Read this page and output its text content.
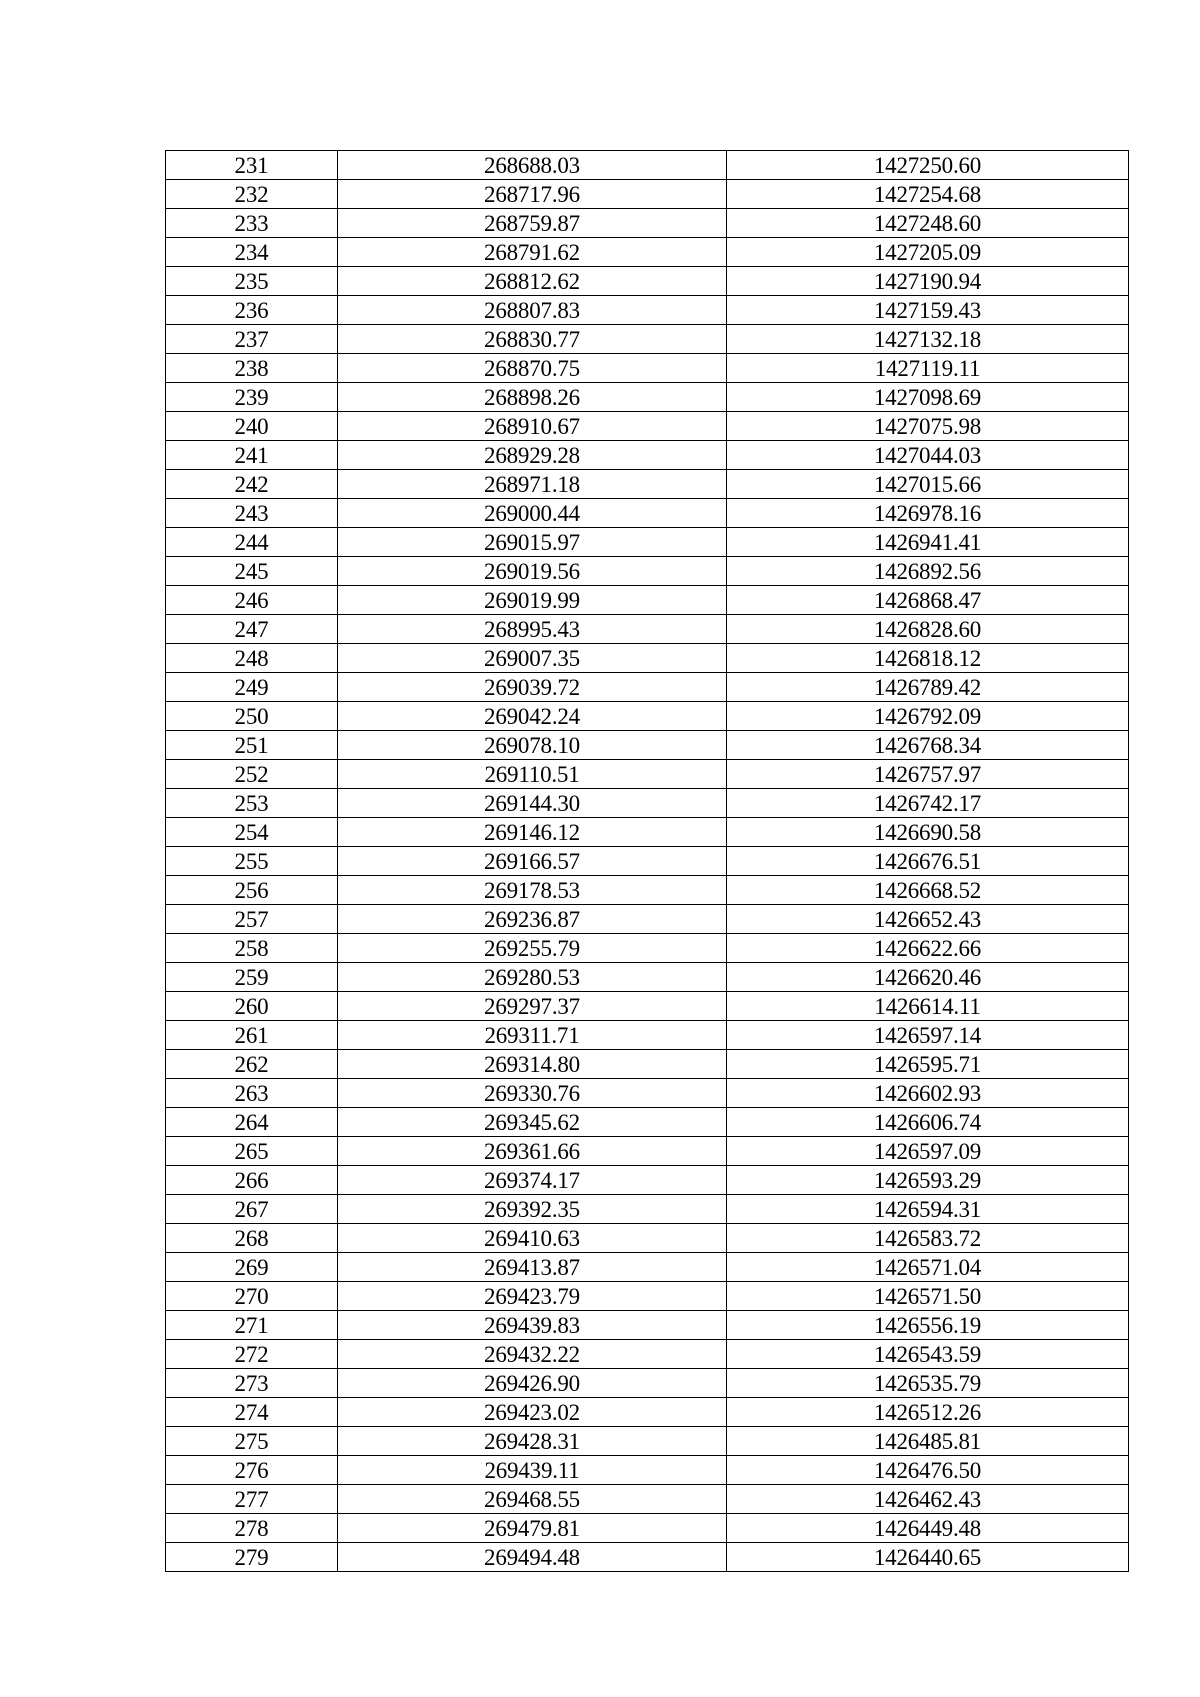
231	268688.03	1427250.60
232	268717.96	1427254.68
233	268759.87	1427248.60
234	268791.62	1427205.09
235	268812.62	1427190.94
236	268807.83	1427159.43
237	268830.77	1427132.18
238	268870.75	1427119.11
239	268898.26	1427098.69
240	268910.67	1427075.98
241	268929.28	1427044.03
242	268971.18	1427015.66
243	269000.44	1426978.16
244	269015.97	1426941.41
245	269019.56	1426892.56
246	269019.99	1426868.47
247	268995.43	1426828.60
248	269007.35	1426818.12
249	269039.72	1426789.42
250	269042.24	1426792.09
251	269078.10	1426768.34
252	269110.51	1426757.97
253	269144.30	1426742.17
254	269146.12	1426690.58
255	269166.57	1426676.51
256	269178.53	1426668.52
257	269236.87	1426652.43
258	269255.79	1426622.66
259	269280.53	1426620.46
260	269297.37	1426614.11
261	269311.71	1426597.14
262	269314.80	1426595.71
263	269330.76	1426602.93
264	269345.62	1426606.74
265	269361.66	1426597.09
266	269374.17	1426593.29
267	269392.35	1426594.31
268	269410.63	1426583.72
269	269413.87	1426571.04
270	269423.79	1426571.50
271	269439.83	1426556.19
272	269432.22	1426543.59
273	269426.90	1426535.79
274	269423.02	1426512.26
275	269428.31	1426485.81
276	269439.11	1426476.50
277	269468.55	1426462.43
278	269479.81	1426449.48
279	269494.48	1426440.65
